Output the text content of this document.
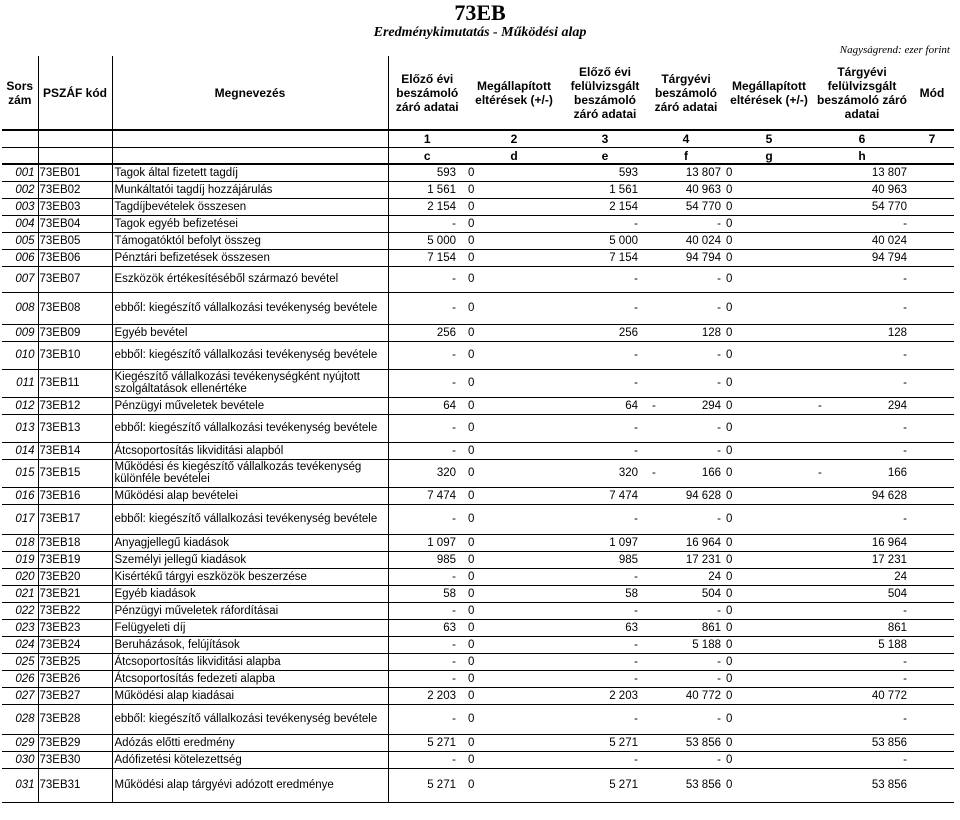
73EB
Eredménykimutatás - Működési alap
Nagyságrend: ezer forint
Sors zám	PSZÁF kód	Megnevezés	Előző évi beszámoló záró adatai	Megállapított eltérések (+/-)	Előző évi felülvizsgált beszámoló záró adatai	Tárgyévi beszámoló záró adatai	Megállapított eltérések (+/-)	Tárgyévi felülvizsgált beszámoló záró adatai	Mód
			1	2	3	4	5	6	7
			c	d	e	f	g	h	
001	73EB01	Tagok által fizetett tagdíj	593	0	593	13 807	0	13 807	
002	73EB02	Munkáltatói tagdíj hozzájárulás	1 561	0	1 561	40 963	0	40 963	
003	73EB03	Tagdíjbevételek összesen	2 154	0	2 154	54 770	0	54 770	
004	73EB04	Tagok egyéb befizetései	-	0	-	-	0	-	
005	73EB05	Támogatóktól befolyt összeg	5 000	0	5 000	40 024	0	40 024	
006	73EB06	Pénztári befizetések összesen	7 154	0	7 154	94 794	0	94 794	
007	73EB07	Eszközök értékesítéséből származó bevétel	-	0	-	-	0	-	
008	73EB08	ebből: kiegészítő vállalkozási tevékenység bevétele	-	0	-	-	0	-	
009	73EB09	Egyéb bevétel	256	0	256	128	0	128	
010	73EB10	ebből: kiegészítő vállalkozási tevékenység bevétele	-	0	-	-	0	-	
011	73EB11	Kiegészítő vállalkozási tevékenységként nyújtott szolgáltatások ellenértéke	-	0	-	-	0	-	
012	73EB12	Pénzügyi műveletek bevétele	64	0	64	- 294	0	- 294	
013	73EB13	ebből: kiegészítő vállalkozási tevékenység bevétele	-	0	-	-	0	-	
014	73EB14	Átcsoportosítás likviditási alapból	-	0	-	-	0	-	
015	73EB15	Működési és kiegészítő vállalkozás tevékenység különféle bevételei	320	0	320	- 166	0	- 166	
016	73EB16	Működési alap bevételei	7 474	0	7 474	94 628	0	94 628	
017	73EB17	ebből: kiegészítő vállalkozási tevékenység bevétele	-	0	-	-	0	-	
018	73EB18	Anyagjellegű kiadások	1 097	0	1 097	16 964	0	16 964	
019	73EB19	Személyi jellegű kiadások	985	0	985	17 231	0	17 231	
020	73EB20	Kisértékű tárgyi eszközök beszerzése	-	0	-	24	0	24	
021	73EB21	Egyéb kiadások	58	0	58	504	0	504	
022	73EB22	Pénzügyi műveletek ráfordításai	-	0	-	-	0	-	
023	73EB23	Felügyeleti díj	63	0	63	861	0	861	
024	73EB24	Beruházások, felújítások	-	0	-	5 188	0	5 188	
025	73EB25	Átcsoportosítás likviditási alapba	-	0	-	-	0	-	
026	73EB26	Átcsoportosítás fedezeti alapba	-	0	-	-	0	-	
027	73EB27	Működési alap kiadásai	2 203	0	2 203	40 772	0	40 772	
028	73EB28	ebből: kiegészítő vállalkozási tevékenység bevétele	-	0	-	-	0	-	
029	73EB29	Adózás előtti eredmény	5 271	0	5 271	53 856	0	53 856	
030	73EB30	Adófizetési kötelezettség	-	0	-	-	0	-	
031	73EB31	Működési alap tárgyévi adózott eredménye	5 271	0	5 271	53 856	0	53 856	
